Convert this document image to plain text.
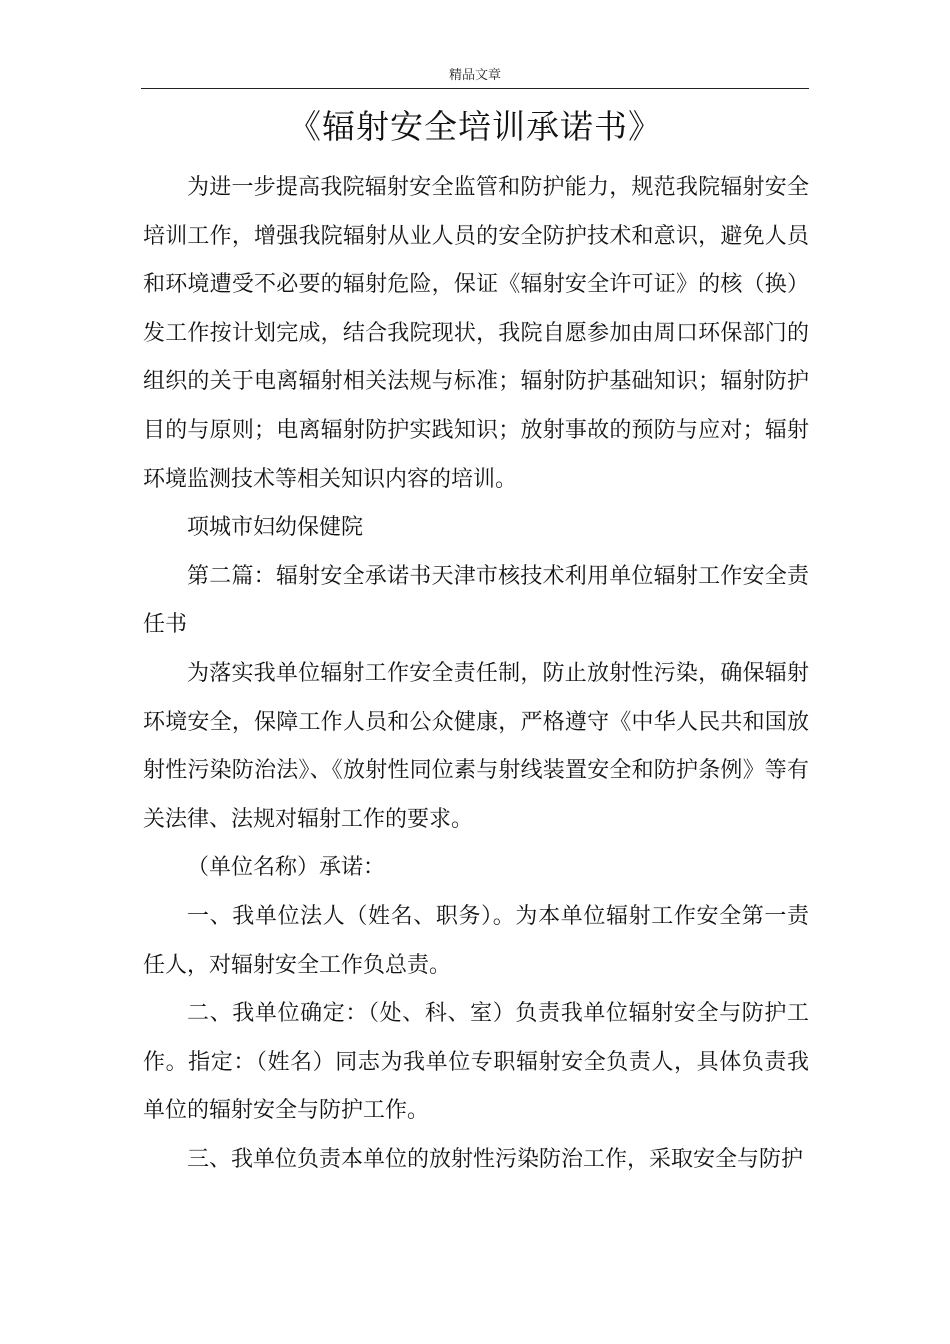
精品文章
《辐射安全培训承诺书》

为进一步提高我院辐射安全监管和防护能力，规范我院辐射安全培训工作，增强我院辐射从业人员的安全防护技术和意识，避免人员和环境遭受不必要的辐射危险，保证《辐射安全许可证》的核（换）发工作按计划完成，结合我院现状，我院自愿参加由周口环保部门的组织的关于电离辐射相关法规与标准；辐射防护基础知识；辐射防护目的与原则；电离辐射防护实践知识；放射事故的预防与应对；辐射环境监测技术等相关知识内容的培训。

项城市妇幼保健院

第二篇：辐射安全承诺书天津市核技术利用单位辐射工作安全责任书

为落实我单位辐射工作安全责任制，防止放射性污染，确保辐射环境安全，保障工作人员和公众健康，严格遵守《中华人民共和国放射性污染防治法》、《放射性同位素与射线装置安全和防护条例》等有关法律、法规对辐射工作的要求。

（单位名称）承诺：

一、我单位法人（姓名、职务）。为本单位辐射工作安全第一责任人，对辐射安全工作负总责。

二、我单位确定：（处、科、室）负责我单位辐射安全与防护工作。指定：（姓名）同志为我单位专职辐射安全负责人，具体负责我单位的辐射安全与防护工作。

三、我单位负责本单位的放射性污染防治工作，采取安全与防护
